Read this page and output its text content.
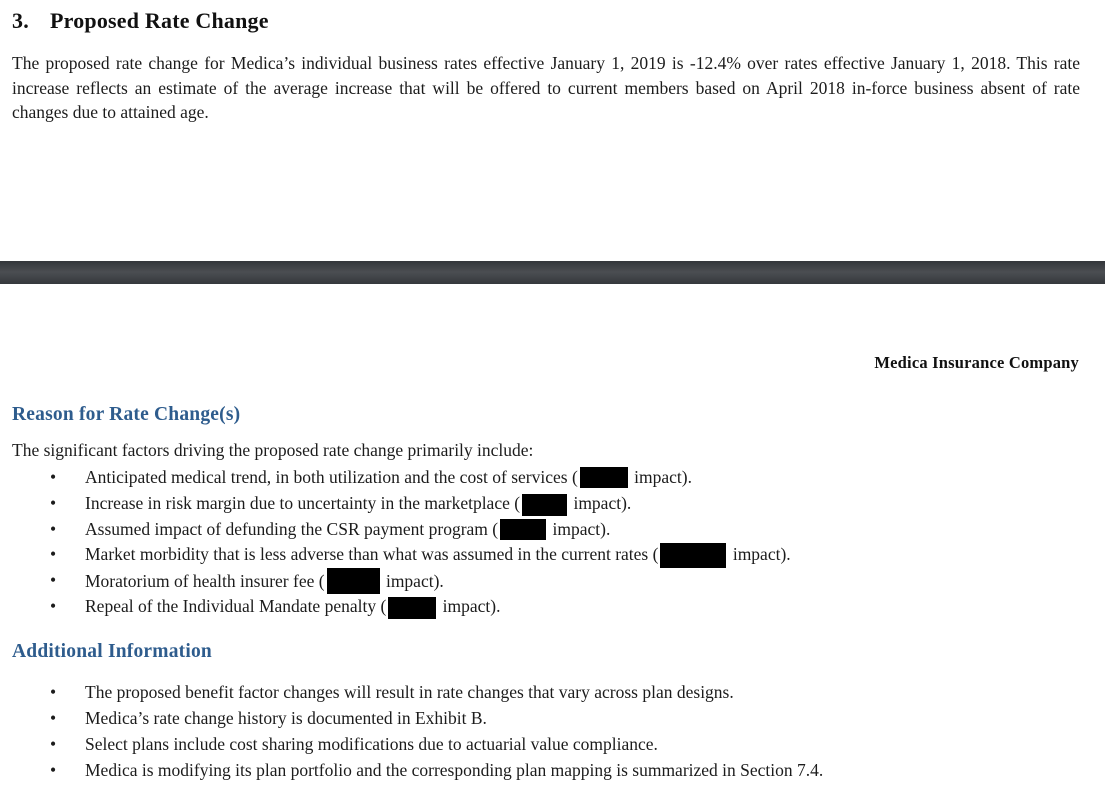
3. Proposed Rate Change

The proposed rate change for Medica’s individual business rates effective January 1, 2019 is -12.4% over rates effective January 1, 2018. This rate increase reflects an estimate of the average increase that will be offered to current members based on April 2018 in-force business absent of rate changes due to attained age.

Medica Insurance Company
Reason for Rate Change(s)

The significant factors driving the proposed rate change primarily include:

• Anticipated medical trend, in both utilization and the cost of services (	impact).
• Increase in risk margin due to uncertainty in the marketplace (	impact).
• Assumed impact of defunding the CSR payment program (	impact).
• Market morbidity that is less adverse than what was assumed in the current rates (	impact).
• Moratorium of health insurer fee (	impact).
• Repeal of the Individual Mandate penalty (	impact).
Additional Information
• The proposed benefit factor changes will result in rate changes that vary across plan designs.
• Medica’s rate change history is documented in Exhibit B.
• Select plans include cost sharing modifications due to actuarial value compliance.
• Medica is modifying its plan portfolio and the corresponding plan mapping is summarized in Section 7.4.
